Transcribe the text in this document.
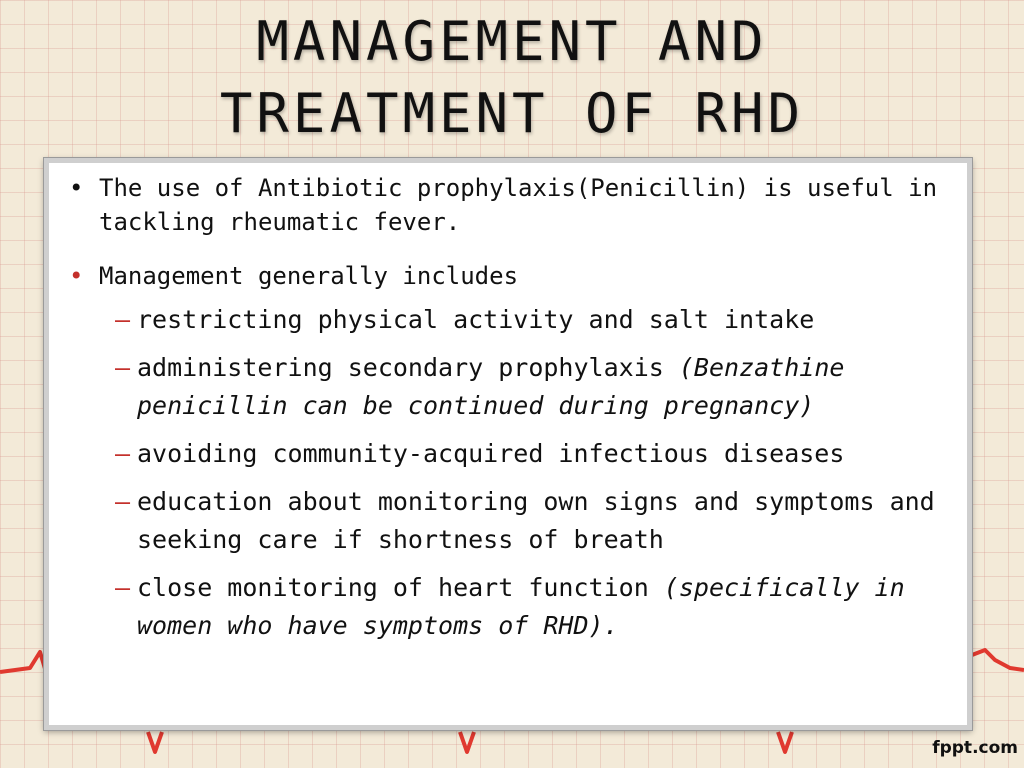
MANAGEMENT AND
TREATMENT OF RHD

• The use of Antibiotic prophylaxis(Penicillin) is useful in tackling rheumatic fever.

• Management generally includes
– restricting physical activity and salt intake
– administering secondary prophylaxis (Benzathine penicillin can be continued during pregnancy)
– avoiding community-acquired infectious diseases
– education about monitoring own signs and symptoms and seeking care if shortness of breath
– close monitoring of heart function (specifically in women who have symptoms of RHD).
fppt.com
